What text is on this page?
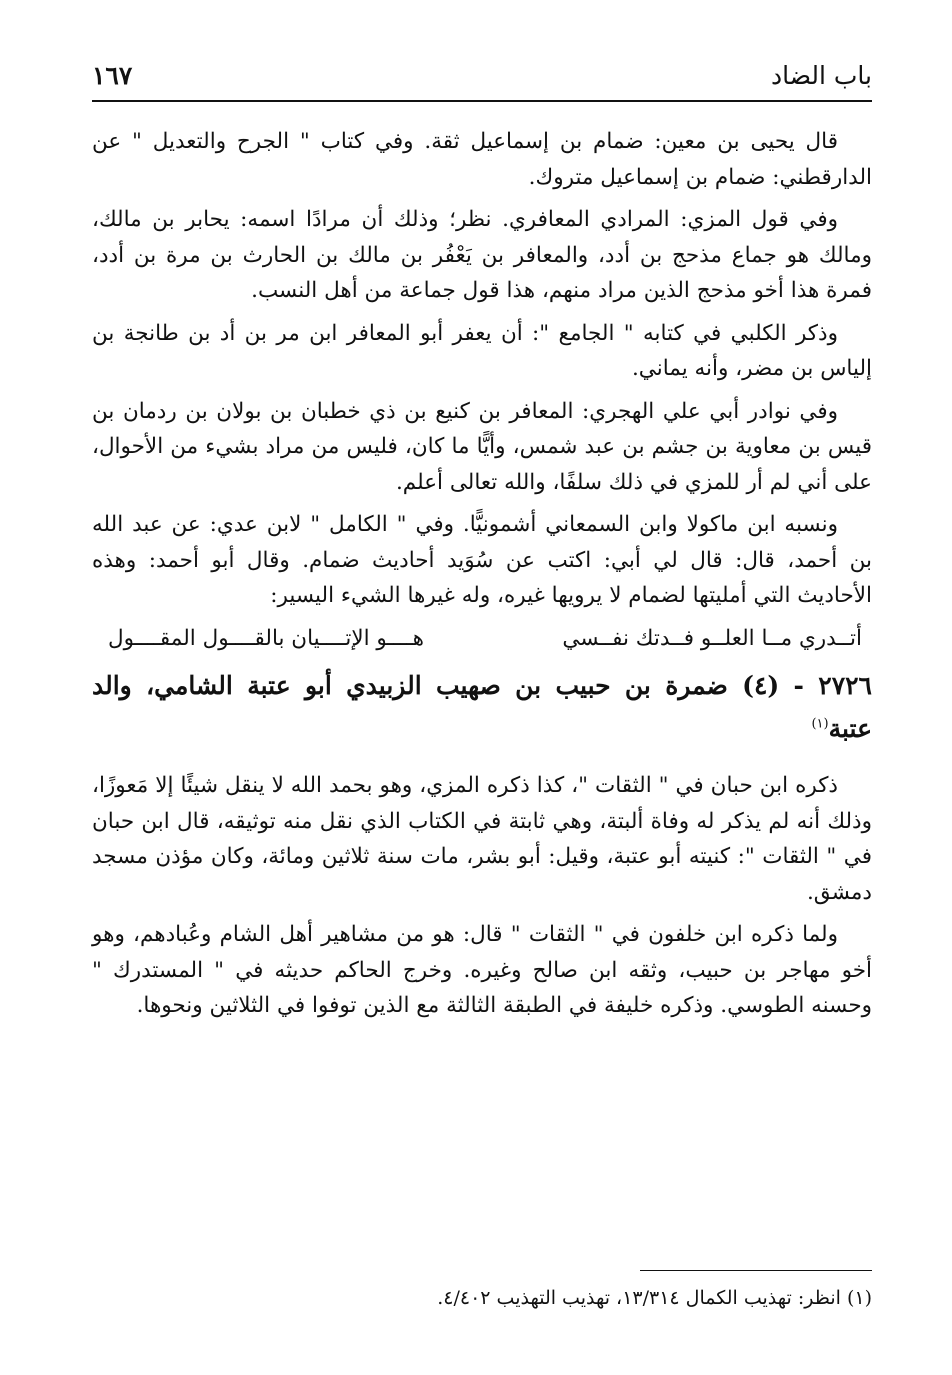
باب الضاد
١٦٧

قال يحيى بن معين: ضمام بن إسماعيل ثقة. وفي كتاب " الجرح والتعديل " عن الدارقطني: ضمام بن إسماعيل متروك.

وفي قول المزي: المرادي المعافري. نظر؛ وذلك أن مرادًا اسمه: يحابر بن مالك، ومالك هو جماع مذحج بن أدد، والمعافر بن يَعْفُر بن مالك بن الحارث بن مرة بن أدد، فمرة هذا أخو مذحج الذين مراد منهم، هذا قول جماعة من أهل النسب.

وذكر الكلبي في كتابه " الجامع ": أن يعفر أبو المعافر ابن مر بن أد بن طانجة بن إلياس بن مضر، وأنه يماني.

وفي نوادر أبي علي الهجري: المعافر بن كنيع بن ذي خطبان بن بولان بن ردمان بن قيس بن معاوية بن جشم بن عبد شمس، وأيًّا ما كان، فليس من مراد بشيء من الأحوال، على أني لم أر للمزي في ذلك سلفًا، والله تعالى أعلم.

ونسبه ابن ماكولا وابن السمعاني أشمونيًّا. وفي " الكامل " لابن عدي: عن عبد الله بن أحمد، قال: قال لي أبي: اكتب عن سُوَيد أحاديث ضمام. وقال أبو أحمد: وهذه الأحاديث التي أمليتها لضمام لا يرويها غيره، وله غيرها الشيء اليسير:

أتــدري مــا العلــو فــدتك نفــسي
هــــو الإتــــيان بالقــــول المقــــول
٢٧٢٦ - (٤) ضمرة بن حبيب بن صهيب الزبيدي أبو عتبة الشامي، والد عتبة$^{(١)}$

ذكره ابن حبان في " الثقات "، كذا ذكره المزي، وهو بحمد الله لا ينقل شيئًا إلا مَعوزًا، وذلك أنه لم يذكر له وفاة ألبتة، وهي ثابتة في الكتاب الذي نقل منه توثيقه، قال ابن حبان في " الثقات ": كنيته أبو عتبة، وقيل: أبو بشر، مات سنة ثلاثين ومائة، وكان مؤذن مسجد دمشق.

ولما ذكره ابن خلفون في " الثقات " قال: هو من مشاهير أهل الشام وعُبادهم، وهو أخو مهاجر بن حبيب، وثقه ابن صالح وغيره. وخرج الحاكم حديثه في " المستدرك " وحسنه الطوسي. وذكره خليفة في الطبقة الثالثة مع الذين توفوا في الثلاثين ونحوها.

(١) انظر: تهذيب الكمال ١٣/٣١٤، تهذيب التهذيب ٤/٤٠٢.
